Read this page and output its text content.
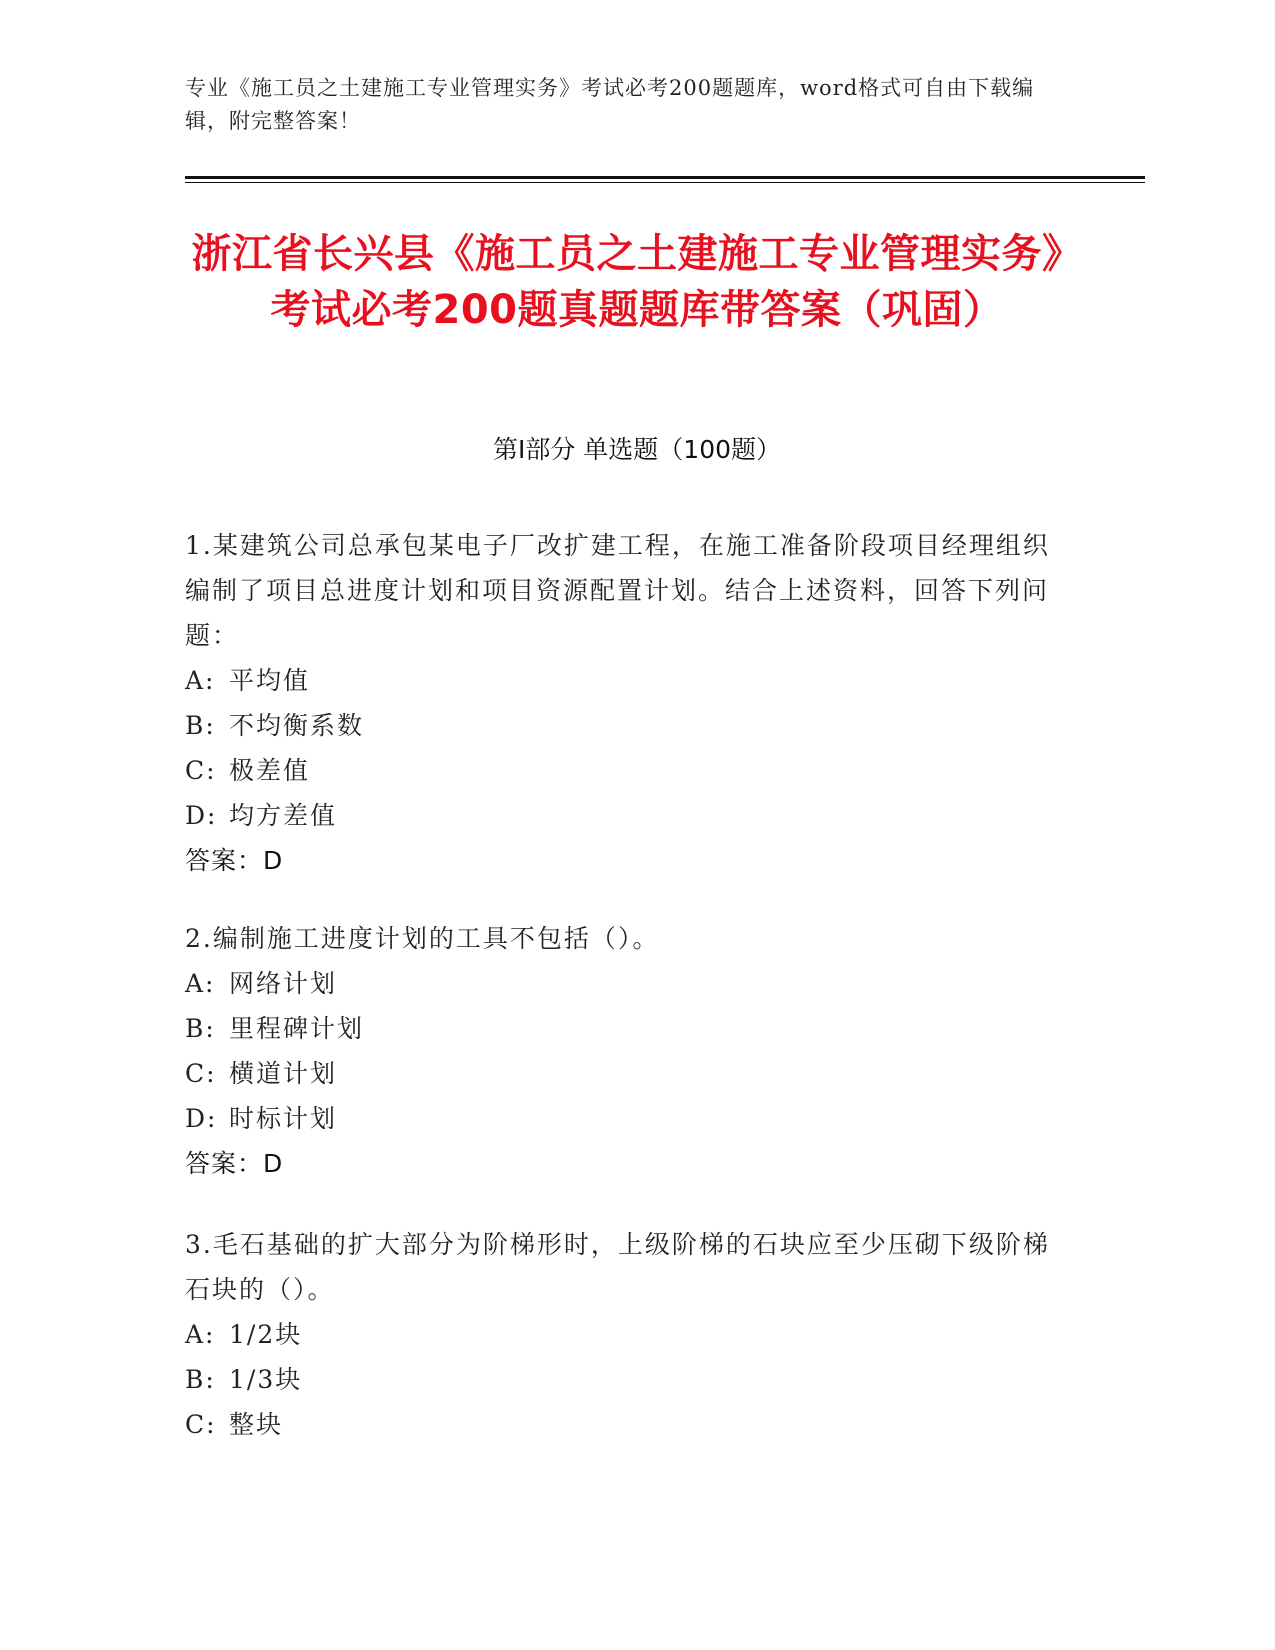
专业《施工员之土建施工专业管理实务》考试必考200题题库，word格式可自由下载编辑，附完整答案！
浙江省长兴县《施工员之土建施工专业管理实务》考试必考200题真题题库带答案（巩固）
第I部分 单选题（100题）
1.某建筑公司总承包某电子厂改扩建工程，在施工准备阶段项目经理组织编制了项目总进度计划和项目资源配置计划。结合上述资料，回答下列问题：
A: 平均值
B: 不均衡系数
C: 极差值
D: 均方差值
答案：D
2.编制施工进度计划的工具不包括（）。
A: 网络计划
B: 里程碑计划
C: 横道计划
D: 时标计划
答案：D
3.毛石基础的扩大部分为阶梯形时，上级阶梯的石块应至少压砌下级阶梯石块的（）。
A: 1/2块
B: 1/3块
C: 整块
